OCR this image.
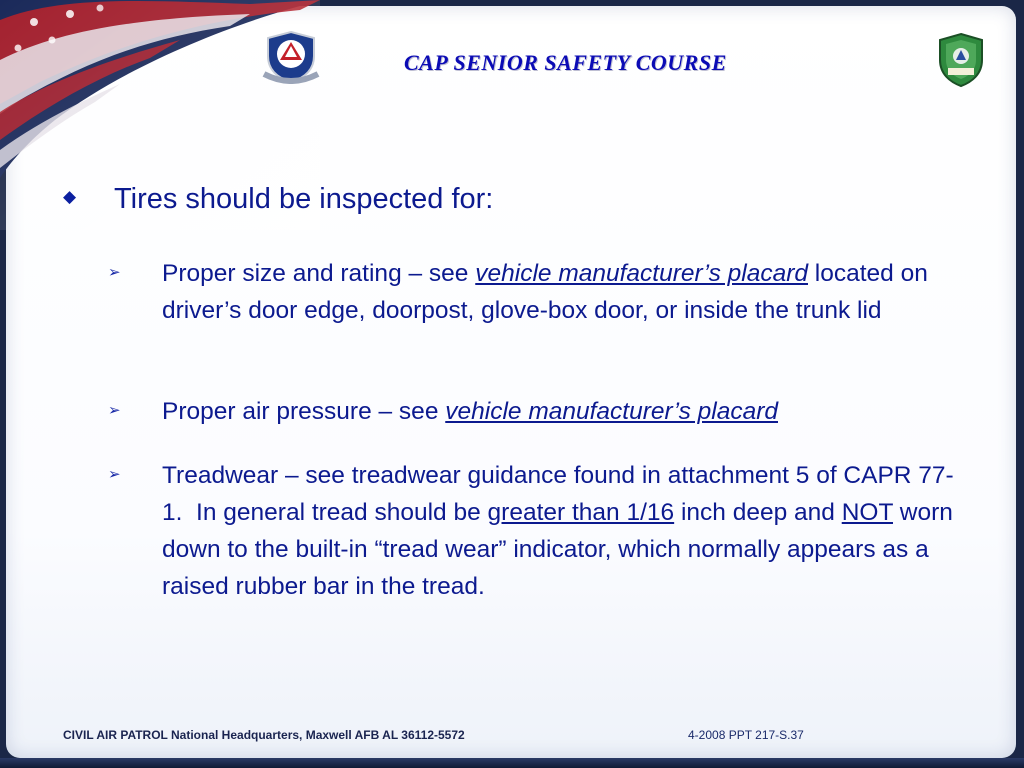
CAP SENIOR SAFETY COURSE
◆ Tires should be inspected for:
➢ Proper size and rating – see vehicle manufacturer’s placard located on driver’s door edge, doorpost, glove-box door, or inside the trunk lid
➢ Proper air pressure – see vehicle manufacturer’s placard
➢ Treadwear – see treadwear guidance found in attachment 5 of CAPR 77-1.  In general tread should be greater than 1/16 inch deep and NOT worn down to the built-in “tread wear” indicator, which normally appears as a raised rubber bar in the tread.
CIVIL AIR PATROL National Headquarters, Maxwell AFB AL 36112-5572	4-2008 PPT 217-S.37
